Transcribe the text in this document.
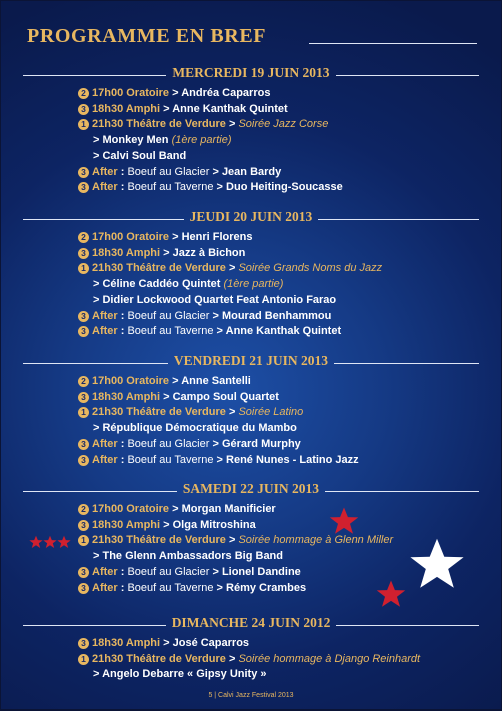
PROGRAMME EN BREF
MERCREDI 19 JUIN 2013
2 17h00 Oratoire > Andréa Caparros
3 18h30 Amphi > Anne Kanthak Quintet
1 21h30 Théâtre de Verdure > Soirée Jazz Corse
> Monkey Men (1ère partie)
> Calvi Soul Band
3 After : Boeuf au Glacier > Jean Bardy
3 After : Boeuf au Taverne > Duo Heiting-Soucasse
JEUDI 20 JUIN 2013
2 17h00 Oratoire > Henri Florens
3 18h30 Amphi > Jazz à Bichon
1 21h30 Théâtre de Verdure > Soirée Grands Noms du Jazz
> Céline Caddéo Quintet (1ère partie)
> Didier Lockwood Quartet Feat Antonio Farao
3 After : Boeuf au Glacier > Mourad Benhammou
3 After : Boeuf au Taverne > Anne Kanthak Quintet
VENDREDI 21 JUIN 2013
2 17h00 Oratoire > Anne Santelli
3 18h30 Amphi > Campo Soul Quartet
1 21h30 Théâtre de Verdure > Soirée Latino
> République Démocratique du Mambo
3 After : Boeuf au Glacier > Gérard Murphy
3 After : Boeuf au Taverne > René Nunes - Latino Jazz
SAMEDI 22 JUIN 2013
2 17h00 Oratoire > Morgan Manificier
3 18h30 Amphi > Olga Mitroshina
1 21h30 Théâtre de Verdure > Soirée hommage à Glenn Miller
> The Glenn Ambassadors Big Band
3 After : Boeuf au Glacier > Lionel Dandine
3 After : Boeuf au Taverne > Rémy Crambes
DIMANCHE 24 JUIN 2012
3 18h30 Amphi > José Caparros
1 21h30 Théâtre de Verdure > Soirée hommage à Django Reinhardt
> Angelo Debarre « Gipsy Unity »
5 | Calvi Jazz Festival 2013
